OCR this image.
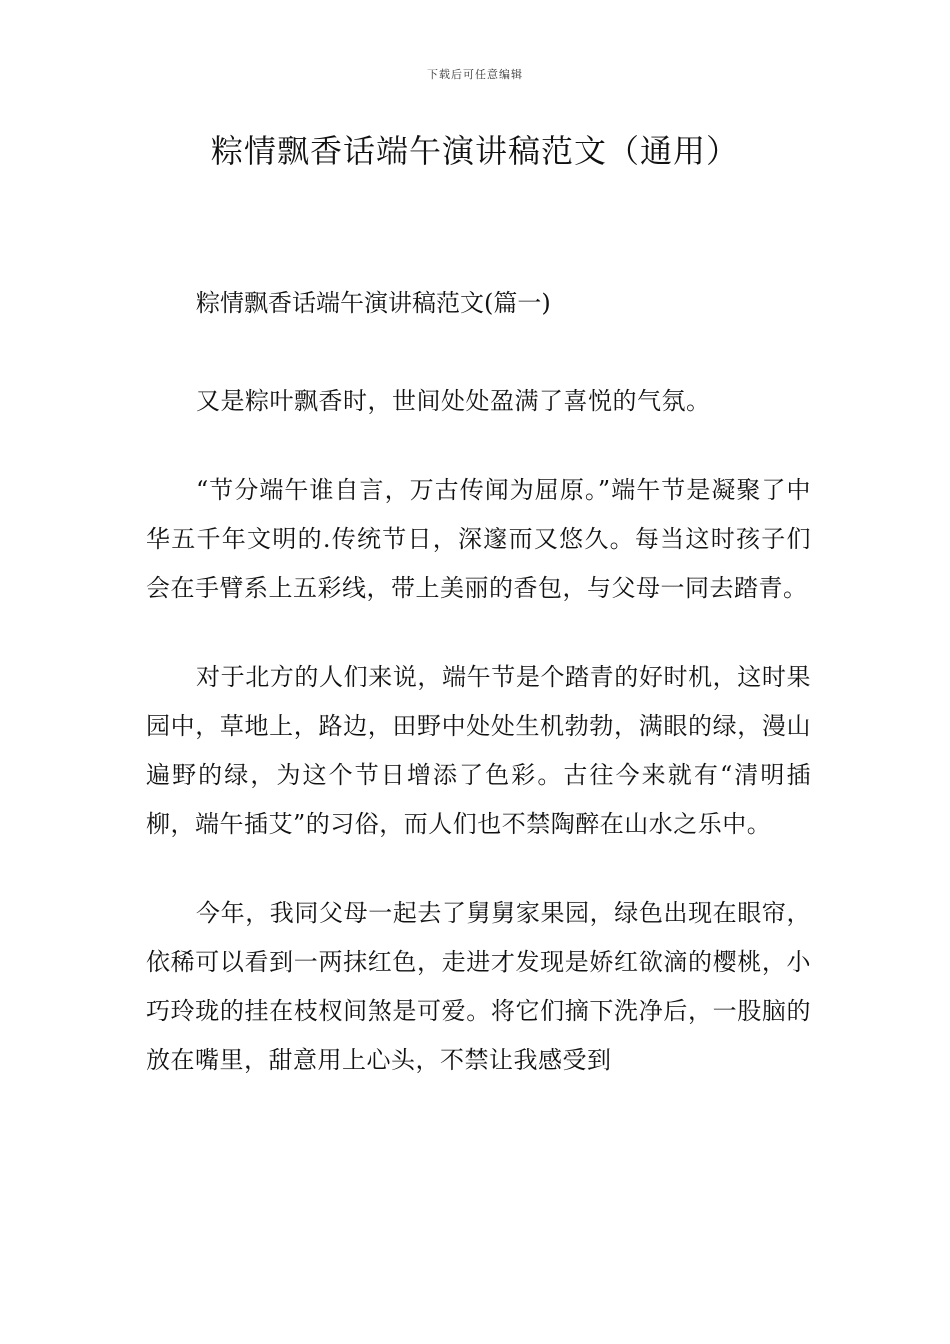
下载后可任意编辑
粽情飘香话端午演讲稿范文（通用）
粽情飘香话端午演讲稿范文(篇一)

又是粽叶飘香时，世间处处盈满了喜悦的气氛。

“节分端午谁自言，万古传闻为屈原。”端午节是凝聚了中华五千年文明的.传统节日，深邃而又悠久。每当这时孩子们会在手臂系上五彩线，带上美丽的香包，与父母一同去踏青。

对于北方的人们来说，端午节是个踏青的好时机，这时果园中，草地上，路边，田野中处处生机勃勃，满眼的绿，漫山遍野的绿，为这个节日增添了色彩。古往今来就有“清明插柳，端午插艾”的习俗，而人们也不禁陶醉在山水之乐中。

今年，我同父母一起去了舅舅家果园，绿色出现在眼帘，依稀可以看到一两抹红色，走进才发现是娇红欲滴的樱桃，小巧玲珑的挂在枝杈间煞是可爱。将它们摘下洗净后，一股脑的放在嘴里，甜意用上心头，不禁让我感受到
